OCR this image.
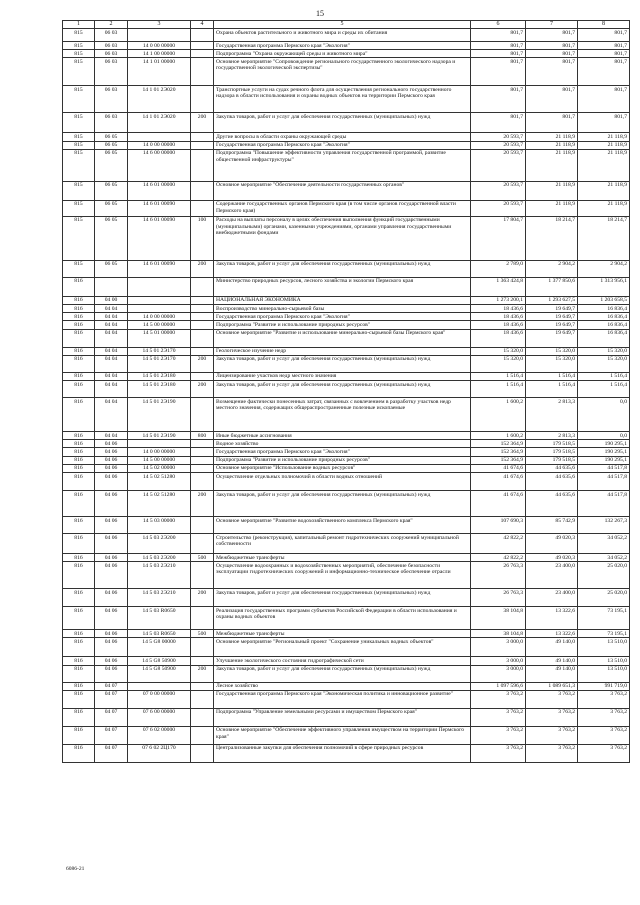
15
1	2	3	4	5	6	7	8
815	06 03			Охрана объектов растительного и животного мира и среды их обитания	801,7	801,7	801,7
815	06 03	14 0 00 00000		Государственная программа Пермского края "Экология"	801,7	801,7	801,7
815	06 03	14 1 00 00000		Подпрограмма "Охрана окружающей среды и животного мира"	801,7	801,7	801,7
815	06 03	14 1 01 00000		Основное мероприятие "Сопровождение регионального государственного экологического надзора и государственной экологической экспертизы"	801,7	801,7	801,7
815	06 03	14 1 01 2Э020		Транспортные услуги на судах речного флота для осуществления регионального государственного надзора в области использования и охраны водных объектов на территории Пермского края	801,7	801,7	801,7
815	06 03	14 1 01 2Э020	200	Закупка товаров, работ и услуг для обеспечения государственных (муниципальных) нужд	801,7	801,7	801,7
815	06 05			Другие вопросы в области охраны окружающей среды	20 593,7	21 118,9	21 118,9
815	06 05	14 0 00 00000		Государственная программа Пермского края "Экология"	20 593,7	21 118,9	21 118,9
815	06 05	14 6 00 00000		Подпрограмма "Повышение эффективности управления государственной программой, развитие общественной инфраструктуры"	20 593,7	21 118,9	21 118,9
815	06 05	14 6 01 00000		Основное мероприятие "Обеспечение деятельности государственных органов"	20 593,7	21 118,9	21 118,9
815	06 05	14 6 01 00090		Содержание государственных органов Пермского края (в том числе органов государственной власти Пермского края)	20 593,7	21 118,9	21 118,9
815	06 05	14 6 01 00090	100	Расходы на выплаты персоналу в целях обеспечения выполнения функций государственными (муниципальными) органами, казенными учреждениями, органами управления государственными внебюджетными фондами	17 804,7	18 214,7	18 214,7
815	06 05	14 6 01 00090	200	Закупка товаров, работ и услуг для обеспечения государственных (муниципальных) нужд	2 789,0	2 904,2	2 904,2
816				Министерство природных ресурсов, лесного хозяйства и экологии Пермского края	1 363 424,8	1 377 850,6	1 313 956,1
816	04 00			НАЦИОНАЛЬНАЯ ЭКОНОМИКА	1 273 200,1	1 293 627,5	1 203 658,5
816	04 04			Воспроизводство минерально-сырьевой базы	18 436,6	19 649,7	16 836,4
816	04 04	14 0 00 00000		Государственная программа Пермского края "Экология"	18 436,6	19 649,7	16 836,4
816	04 04	14 5 00 00000		Подпрограмма "Развитие и использование природных ресурсов"	18 436,6	19 649,7	16 836,4
816	04 04	14 5 01 00000		Основное мероприятие "Развитие и использование минерально-сырьевой базы Пермского края"	18 436,6	19 649,7	16 836,4
816	04 04	14 5 01 2Э170		Геологическое изучение недр	15 320,0	15 320,0	15 320,0
816	04 04	14 5 01 2Э170	200	Закупка товаров, работ и услуг для обеспечения государственных (муниципальных) нужд	15 320,0	15 320,0	15 320,0
816	04 04	14 5 01 2Э180		Лицензирование участков недр местного значения	1 516,4	1 516,4	1 516,4
816	04 04	14 5 01 2Э180	200	Закупка товаров, работ и услуг для обеспечения государственных (муниципальных) нужд	1 516,4	1 516,4	1 516,4
816	04 04	14 5 01 2Э190		Возмещение фактически понесенных затрат, связанных с вовлечением в разработку участков недр местного значения, содержащих общераспространенные полезные ископаемые	1 600,2	2 813,3	0,0
816	04 04	14 5 01 2Э190	800	Иные бюджетные ассигнования	1 600,2	2 813,3	0,0
816	04 06			Водное хозяйство	152 364,9	179 518,5	190 295,1
816	04 06	14 0 00 00000		Государственная программа Пермского края "Экология"	152 364,9	179 518,5	190 295,1
816	04 06	14 5 00 00000		Подпрограмма "Развитие и использование природных ресурсов"	152 364,9	179 518,5	190 295,1
816	04 06	14 5 02 00000		Основное мероприятие "Использование водных ресурсов"	41 674,6	44 635,6	44 517,8
816	04 06	14 5 02 51280		Осуществление отдельных полномочий в области водных отношений	41 674,6	44 635,6	44 517,8
816	04 06	14 5 02 51280	200	Закупка товаров, работ и услуг для обеспечения государственных (муниципальных) нужд	41 674,6	44 635,6	44 517,8
816	04 06	14 5 03 00000		Основное мероприятие "Развитие водохозяйственного комплекса Пермского края"	107 690,3	85 742,9	132 267,3
816	04 06	14 5 03 2Э200		Строительство (реконструкция), капитальный ремонт гидротехнических сооружений муниципальной собственности	42 822,2	49 020,3	34 052,2
816	04 06	14 5 03 2Э200	500	Межбюджетные трансферты	42 822,2	49 020,3	34 052,2
816	04 06	14 5 03 2Э210		Осуществление водоохранных и водохозяйственных мероприятий, обеспечение безопасности эксплуатации гидротехнических сооружений и информационно-техническое обеспечение отрасли	26 763,3	23 400,0	25 020,0
816	04 06	14 5 03 2Э210	200	Закупка товаров, работ и услуг для обеспечения государственных (муниципальных) нужд	26 763,3	23 400,0	25 020,0
816	04 06	14 5 03 R0650		Реализация государственных программ субъектов Российской Федерации в области использования и охраны водных объектов	38 104,8	13 322,6	73 195,1
816	04 06	14 5 03 R0650	500	Межбюджетные трансферты	38 104,8	13 322,6	73 195,1
816	04 06	14 5 G8 00000		Основное мероприятие "Региональный проект "Сохранение уникальных водных объектов"	3 000,0	49 140,0	13 510,0
816	04 06	14 5 G8 50900		Улучшение экологического состояния гидрографической сети	3 000,0	49 140,0	13 510,0
816	04 06	14 5 G8 50900	200	Закупка товаров, работ и услуг для обеспечения государственных (муниципальных) нужд	3 000,0	49 140,0	13 510,0
816	04 07			Лесное хозяйство	1 097 596,6	1 089 651,3	991 719,0
816	04 07	07 0 00 00000		Государственная программа Пермского края "Экономическая политика и инновационное развитие"	3 763,2	3 763,2	3 763,2
816	04 07	07 6 00 00000		Подпрограмма "Управление земельными ресурсами и имуществом Пермского края"	3 763,2	3 763,2	3 763,2
816	04 07	07 6 02 00000		Основное мероприятие "Обеспечение эффективного управления имуществом на территории Пермского края"	3 763,2	3 763,2	3 763,2
816	04 07	07 6 02 2Ц170		Централизованные закупки для обеспечения полномочий в сфере природных ресурсов	3 763,2	3 763,2	3 763,2
6086-21
